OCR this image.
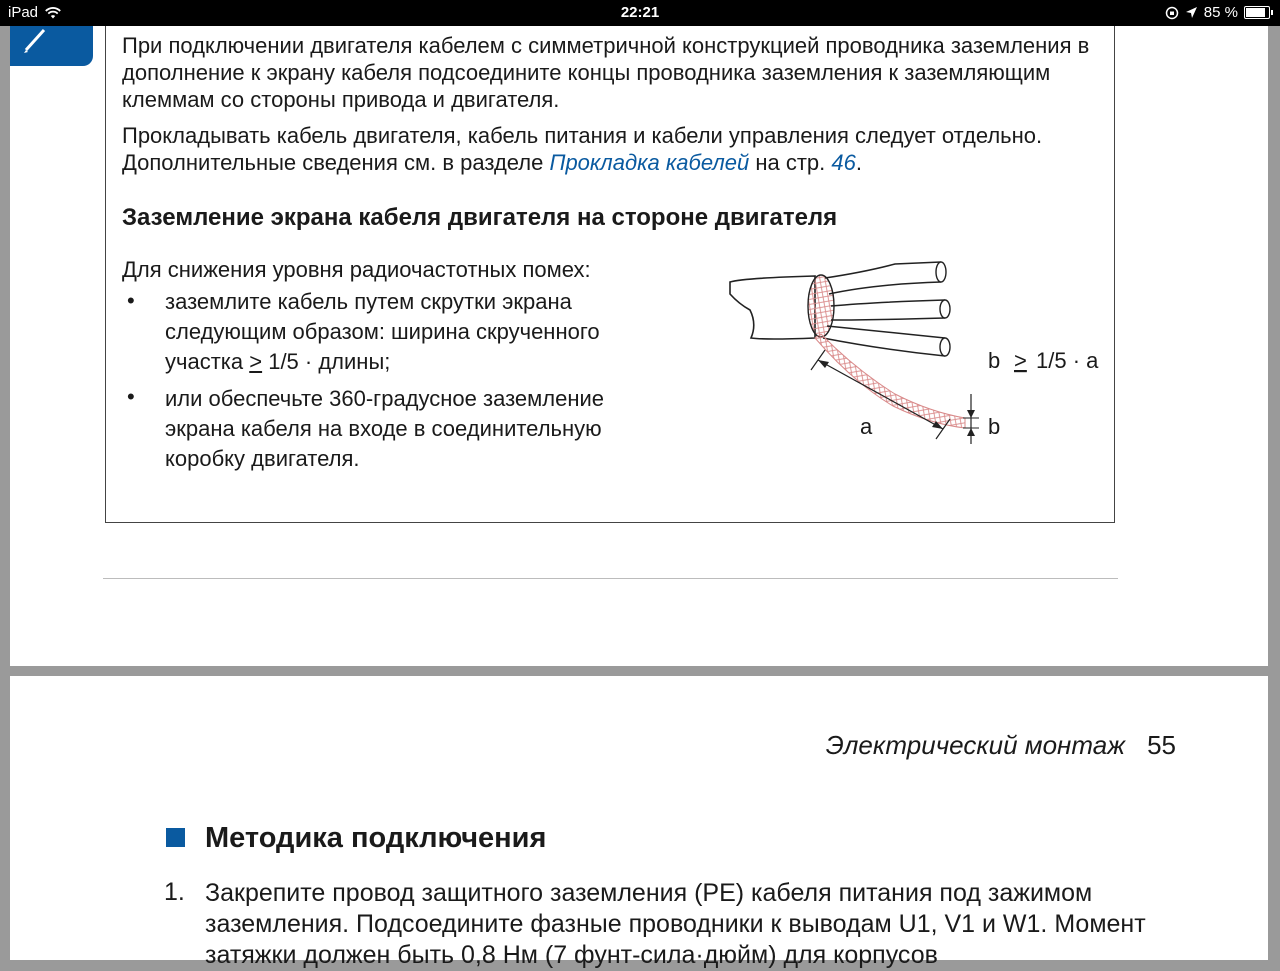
iPad	22:21	85 %
При подключении двигателя кабелем с симметричной конструкцией проводника заземления в дополнение к экрану кабеля подсоедините концы проводника заземления к заземляющим клеммам со стороны привода и двигателя.
Прокладывать кабель двигателя, кабель питания и кабели управления следует отдельно. Дополнительные сведения см. в разделе Прокладка кабелей на стр. 46.
Заземление экрана кабеля двигателя на стороне двигателя
Для снижения уровня радиочастотных помех:
• заземлите кабель путем скрутки экрана
следующим образом: ширина скрученного
участка > 1/5 · длины;
• или обеспечьте 360-градусное заземление
экрана кабеля на входе в соединительную
коробку двигателя.
b > 1/5 · a
a	b
Электрический монтаж 55
Методика подключения
1. Закрепите провод защитного заземления (PE) кабеля питания под зажимом заземления. Подсоедините фазные проводники к выводам U1, V1 и W1. Момент затяжки должен быть 0,8 Нм (7 фунт-сила·дюйм) для корпусов
